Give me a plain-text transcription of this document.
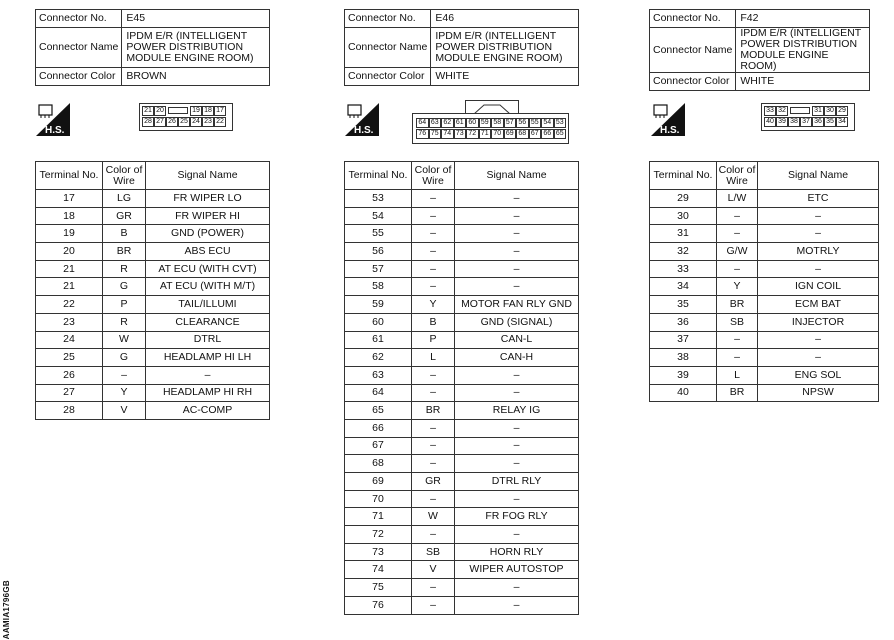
Connector No.	E45
Connector Name	IPDM E/R (INTELLIGENT POWER DISTRIBUTION MODULE ENGINE ROOM)
Connector Color	BROWN
H.S.
21 20	19 18 17
28 27 26 25 24 23 22
Terminal No.	Color of Wire	Signal Name
17	LG	FR WIPER LO
18	GR	FR WIPER HI
19	B	GND (POWER)
20	BR	ABS ECU
21	R	AT ECU (WITH CVT)
21	G	AT ECU (WITH M/T)
22	P	TAIL/ILLUMI
23	R	CLEARANCE
24	W	DTRL
25	G	HEADLAMP HI LH
26	–	–
27	Y	HEADLAMP HI RH
28	V	AC-COMP
Connector No.	E46
Connector Name	IPDM E/R (INTELLIGENT POWER DISTRIBUTION MODULE ENGINE ROOM)
Connector Color	WHITE
H.S.
64 63 62 61 60 59 58 57 56 55 54 53
76 75 74 73 72 71 70 69 68 67 66 65
Terminal No.	Color of Wire	Signal Name
53	–	–
54	–	–
55	–	–
56	–	–
57	–	–
58	–	–
59	Y	MOTOR FAN RLY GND
60	B	GND (SIGNAL)
61	P	CAN-L
62	L	CAN-H
63	–	–
64	–	–
65	BR	RELAY IG
66	–	–
67	–	–
68	–	–
69	GR	DTRL RLY
70	–	–
71	W	FR FOG RLY
72	–	–
73	SB	HORN RLY
74	V	WIPER AUTOSTOP
75	–	–
76	–	–
Connector No.	F42
Connector Name	IPDM E/R (INTELLIGENT POWER DISTRIBUTION MODULE ENGINE ROOM)
Connector Color	WHITE
H.S.
33 32	31 30 29
40 39 38 37 36 35 34
Terminal No.	Color of Wire	Signal Name
29	L/W	ETC
30	–	–
31	–	–
32	G/W	MOTRLY
33	–	–
34	Y	IGN COIL
35	BR	ECM BAT
36	SB	INJECTOR
37	–	–
38	–	–
39	L	ENG SOL
40	BR	NPSW
AAMIA1796GB
